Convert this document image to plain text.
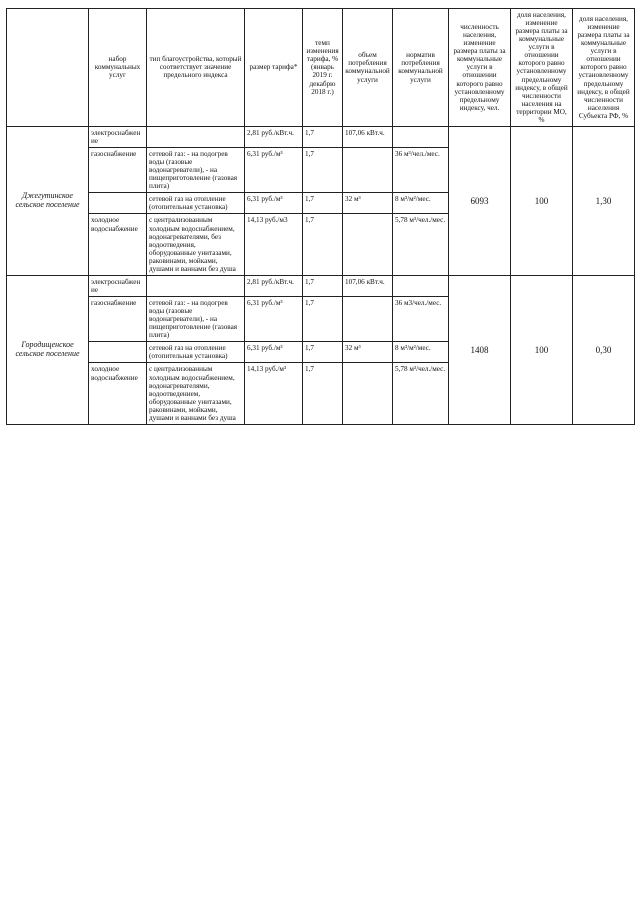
	набор коммунальных услуг	тип благоустройства, который соответствует значение предельного индекса	размер тарифа*	темп изменения тарифа, % (январь 2019 г. декабрю 2018 г.)	объем потребления коммунальной услуги	норматив потребления коммунальной услуги	численность населения, изменение размера платы за коммунальные услуги в отношении которого равно установленному предельному индексу, чел.	доля населения, изменение размера платы за коммунальные услуги в отношении которого равно установленному предельному индексу, в общей численности населения на территории МО, %	доля населения, изменение размера платы за коммунальные услуги в отношении которого равно установленному предельному индексу, в общей численности населения Субъекта РФ, %
Джегутинское сельское поселение	электроснабжение		2,81 руб./кВт.ч.	1,7	107,06 кВт.ч.		6093	100	1,30
	газоснабжение	сетевой газ: - на подогрев воды (газовые водонагреватели), - на пищеприготовление (газовая плита)	6,31 руб./м³	1,7		36 м³/чел./мес.			
		сетевой газ на отопление (отопительная установка)	6,31 руб./м³	1,7	32 м³	8 м³/м²/мес.			
	холодное водоснабжение	с централизованным холодным водоснабжением, водонагревателями, без водоотведения, оборудованные унитазами, раковинами, мойками, душами и ваннами без душа	14,13 руб./м3	1,7		5,78 м³/чел./мес.			
Городищенское сельское поселение	электроснабжение		2,81 руб./кВт.ч.	1,7	107,06 кВт.ч.		1408	100	0,30
	газоснабжение	сетевой газ: - на подогрев воды (газовые водонагреватели), - на пищеприготовление (газовая плита)	6,31 руб./м³	1,7		36 м3/чел./мес.			
		сетевой газ на отопление (отопительная установка)	6,31 руб./м³	1,7	32 м³	8 м³/м²/мес.			
	холодное водоснабжение	с централизованным холодным водоснабжением, водонагревателями, водоотведением, оборудованные унитазами, раковинами, мойками, душами и ваннами без душа	14,13 руб./м³	1,7		5,78 м³/чел./мес.			
